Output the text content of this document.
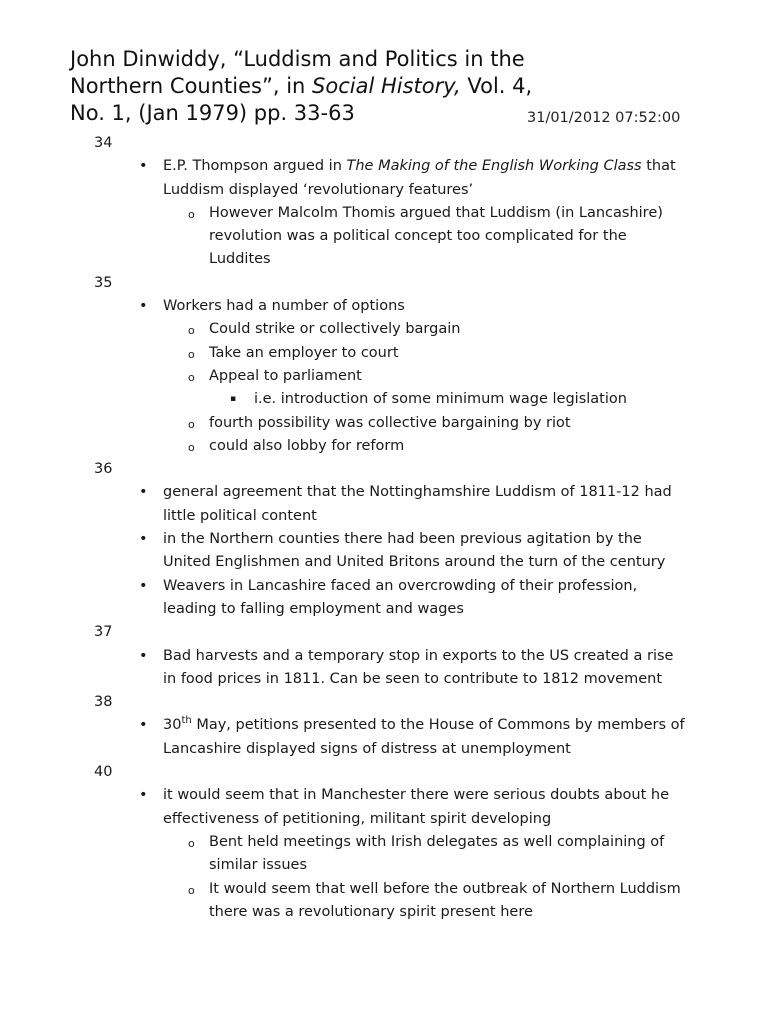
John Dinwiddy, “Luddism and Politics in the
Northern Counties”, in Social History, Vol. 4,
No. 1, (Jan 1979) pp. 33-63	31/01/2012 07:52:00
34
• E.P. Thompson argued in The Making of the English Working Class that Luddism displayed ‘revolutionary features’
o However Malcolm Thomis argued that Luddism (in Lancashire) revolution was a political concept too complicated for the Luddites
35
• Workers had a number of options
o Could strike or collectively bargain
o Take an employer to court
o Appeal to parliament
▪ i.e. introduction of some minimum wage legislation
o fourth possibility was collective bargaining by riot
o could also lobby for reform
36
• general agreement that the Nottinghamshire Luddism of 1811-12 had little political content
• in the Northern counties there had been previous agitation by the United Englishmen and United Britons around the turn of the century
• Weavers in Lancashire faced an overcrowding of their profession, leading to falling employment and wages
37
• Bad harvests and a temporary stop in exports to the US created a rise in food prices in 1811. Can be seen to contribute to 1812 movement
38
• 30th May, petitions presented to the House of Commons by members of Lancashire displayed signs of distress at unemployment
40
• it would seem that in Manchester there were serious doubts about he effectiveness of petitioning, militant spirit developing
o Bent held meetings with Irish delegates as well complaining of similar issues
o It would seem that well before the outbreak of Northern Luddism there was a revolutionary spirit present here
